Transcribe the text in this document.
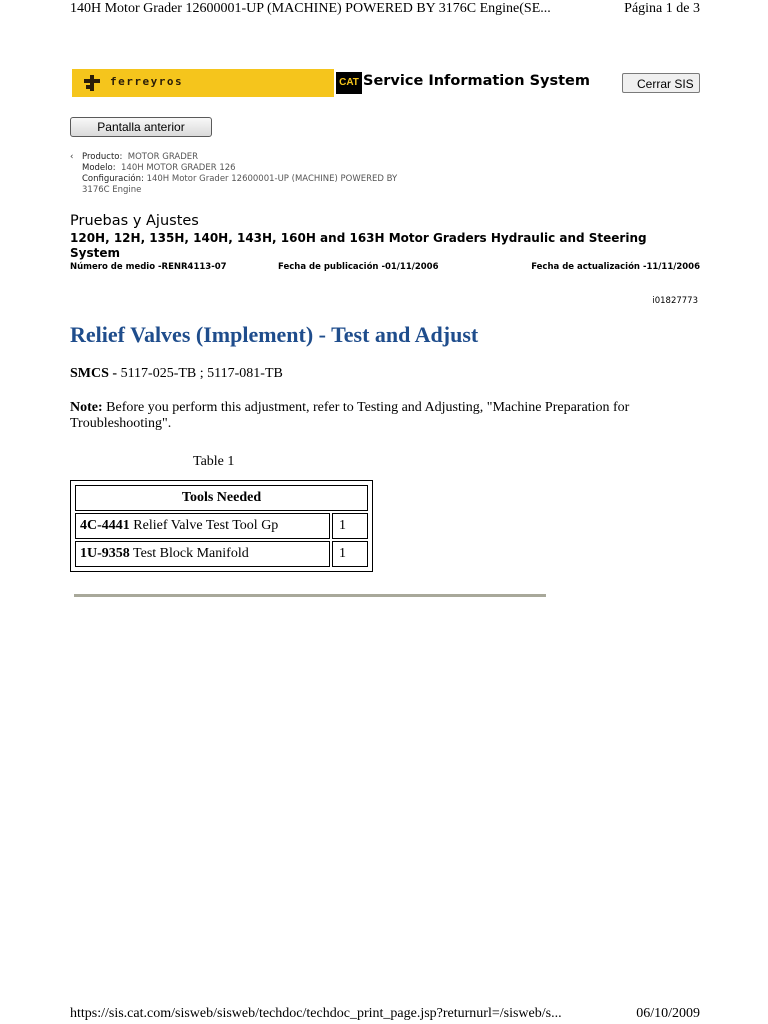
140H Motor Grader 12600001-UP (MACHINE) POWERED BY 3176C Engine(SE...	Página 1 de 3
ferreyros	CAT Service Information System	Cerrar SIS
Pantalla anterior
‹ Producto: MOTOR GRADER
Modelo: 140H MOTOR GRADER 126
Configuración: 140H Motor Grader 12600001-UP (MACHINE) POWERED BY
3176C Engine
Pruebas y Ajustes
120H, 12H, 135H, 140H, 143H, 160H and 163H Motor Graders Hydraulic and Steering System
Número de medio -RENR4113-07	Fecha de publicación -01/11/2006	Fecha de actualización -11/11/2006
i01827773
Relief Valves (Implement) - Test and Adjust
SMCS - 5117-025-TB ; 5117-081-TB
Note: Before you perform this adjustment, refer to Testing and Adjusting, "Machine Preparation for Troubleshooting".
Table 1
Tools Needed	
4C-4441 Relief Valve Test Tool Gp	1
1U-9358 Test Block Manifold	1
https://sis.cat.com/sisweb/sisweb/techdoc/techdoc_print_page.jsp?returnurl=/sisweb/s...	06/10/2009
